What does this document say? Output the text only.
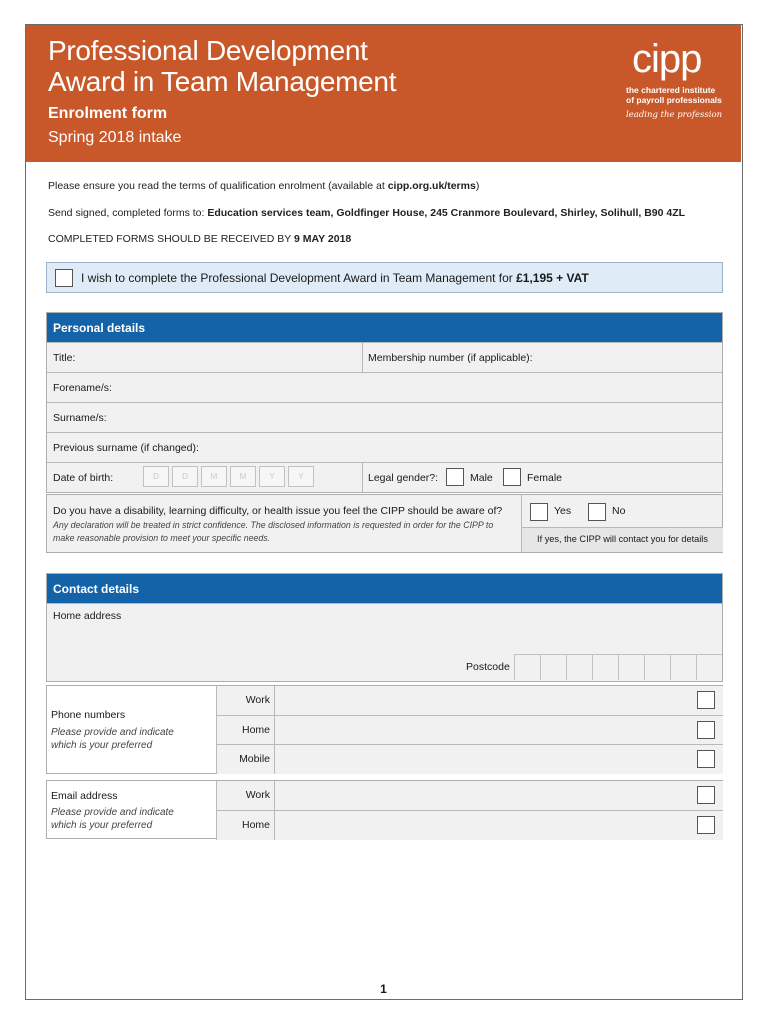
Professional Development
Award in Team Management
Enrolment form
Spring 2018 intake
cipp
the chartered institute
of payroll professionals
leading the profession
Please ensure you read the terms of qualification enrolment (available at cipp.org.uk/terms)
Send signed, completed forms to: Education services team, Goldfinger House, 245 Cranmore Boulevard, Shirley, Solihull, B90 4ZL
COMPLETED FORMS SHOULD BE RECEIVED BY 9 MAY 2018
I wish to complete the Professional Development Award in Team Management for £1,195 + VAT
Personal details
Title:	Membership number (if applicable):
Forename/s:
Surname/s:
Previous surname (if changed):
Date of birth:	D	D	M	M	Y	Y	Legal gender?:	Male	Female
Do you have a disability, learning difficulty, or health issue you feel the CIPP should be aware of?
Any declaration will be treated in strict confidence. The disclosed information is requested in order for the CIPP to make reasonable provision to meet your specific needs.
Yes	No
If yes, the CIPP will contact you for details
Contact details
Home address
Postcode
Phone numbers
Please provide and indicate which is your preferred
Work
Home
Mobile
Email address
Please provide and indicate which is your preferred
Work
Home
1
